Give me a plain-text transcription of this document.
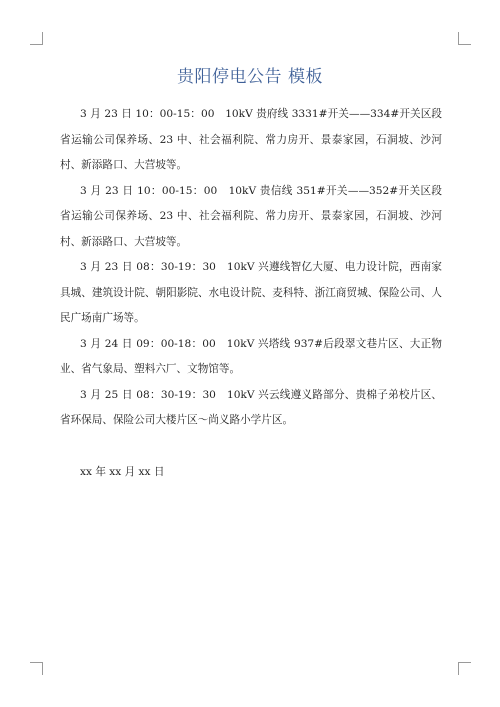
贵阳停电公告 模板

3 月 23 日 10：00-15：00　10kV 贵府线 3331#开关——334#开关区段省运输公司保养场、23 中、社会福利院、常力房开、景泰家园，石洞坡、沙河村、新添路口、大营坡等。

3 月 23 日 10：00-15：00　10kV 贵信线 351#开关——352#开关区段省运输公司保养场、23 中、社会福利院、常力房开、景泰家园，石洞坡、沙河村、新添路口、大营坡等。

3 月 23 日 08：30-19：30　10kV 兴遵线智亿大厦、电力设计院，西南家具城、建筑设计院、朝阳影院、水电设计院、麦科特、浙江商贸城、保险公司、人民广场南广场等。

3 月 24 日 09：00-18：00　10kV 兴塔线 937#后段翠文巷片区、大正物业、省气象局、塑料六厂、文物馆等。

3 月 25 日 08：30-19：30　10kV 兴云线遵义路部分、贵棉子弟校片区、省环保局、保险公司大楼片区～尚义路小学片区。

xx 年 xx 月 xx 日
